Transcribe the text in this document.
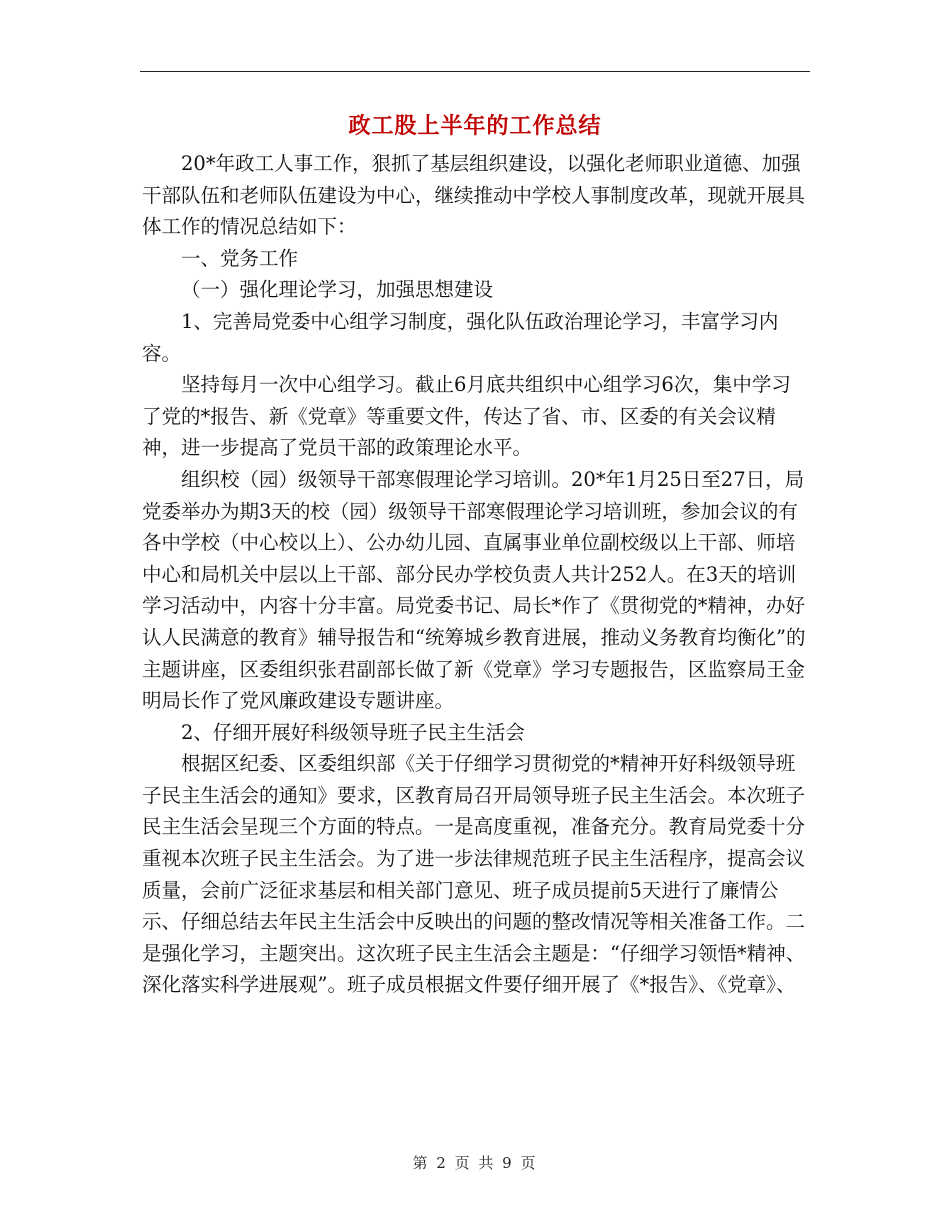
政工股上半年的工作总结

20*年政工人事工作，狠抓了基层组织建设，以强化老师职业道德、加强干部队伍和老师队伍建设为中心，继续推动中学校人事制度改革，现就开展具体工作的情况总结如下：

一、党务工作

（一）强化理论学习，加强思想建设

1、完善局党委中心组学习制度，强化队伍政治理论学习，丰富学习内容。

坚持每月一次中心组学习。截止6月底共组织中心组学习6次，集中学习了党的*报告、新《党章》等重要文件，传达了省、市、区委的有关会议精神，进一步提高了党员干部的政策理论水平。

组织校（园）级领导干部寒假理论学习培训。20*年1月25日至27日，局党委举办为期3天的校（园）级领导干部寒假理论学习培训班，参加会议的有各中学校（中心校以上）、公办幼儿园、直属事业单位副校级以上干部、师培中心和局机关中层以上干部、部分民办学校负责人共计252人。在3天的培训学习活动中，内容十分丰富。局党委书记、局长*作了《贯彻党的*精神，办好认人民满意的教育》辅导报告和“统筹城乡教育进展，推动义务教育均衡化”的主题讲座，区委组织张君副部长做了新《党章》学习专题报告，区监察局王金明局长作了党风廉政建设专题讲座。

2、仔细开展好科级领导班子民主生活会

根据区纪委、区委组织部《关于仔细学习贯彻党的*精神开好科级领导班子民主生活会的通知》要求，区教育局召开局领导班子民主生活会。本次班子民主生活会呈现三个方面的特点。一是高度重视，准备充分。教育局党委十分重视本次班子民主生活会。为了进一步法律规范班子民主生活程序，提高会议质量，会前广泛征求基层和相关部门意见、班子成员提前5天进行了廉情公示、仔细总结去年民主生活会中反映出的问题的整改情况等相关准备工作。二是强化学习，主题突出。这次班子民主生活会主题是：“仔细学习领悟*精神、深化落实科学进展观”。班子成员根据文件要仔细开展了《*报告》、《党章》、

第 2 页 共 9 页
